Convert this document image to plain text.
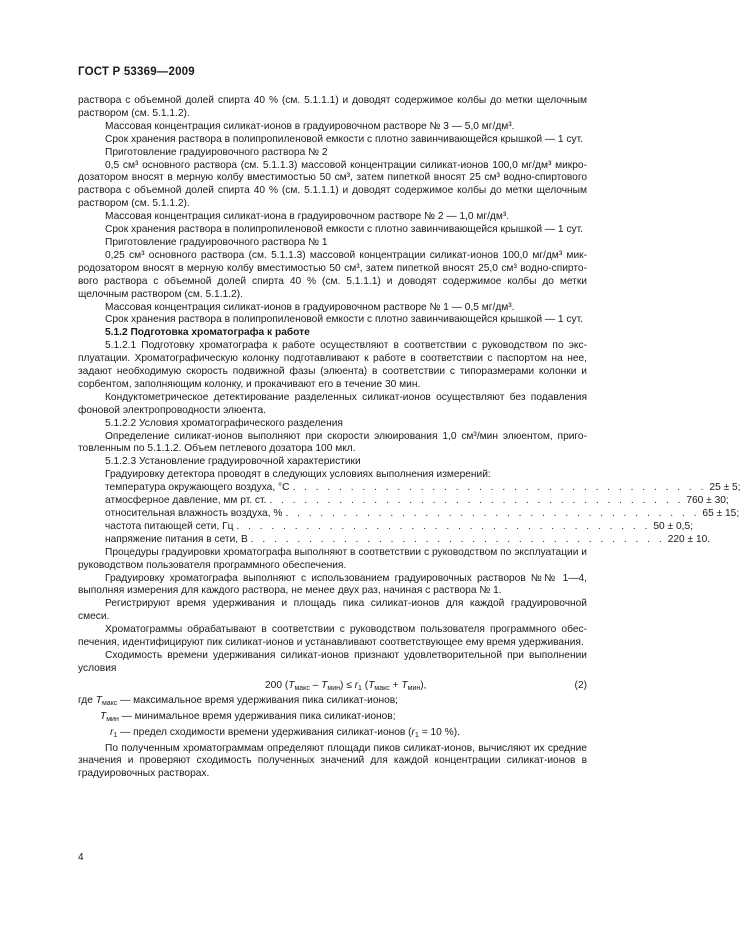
ГОСТ Р 53369—2009

раствора с объемной долей спирта 40 % (см. 5.1.1.1) и доводят содержимое колбы до метки щелочным раствором (см. 5.1.1.2).

Массовая концентрация силикат-ионов в градуировочном растворе № 3 — 5,0 мг/дм³.

Срок хранения раствора в полипропиленовой емкости с плотно завинчивающейся крышкой — 1 сут.

Приготовление градуировочного раствора № 2

0,5 см³ основного раствора (см. 5.1.1.3) массовой концентрации силикат-ионов 100,0 мг/дм³ микродозатором вносят в мерную колбу вместимостью 50 см³, затем пипеткой вносят 25 см³ водно-спиртового раствора с объемной долей спирта 40 % (см. 5.1.1.1) и доводят содержимое колбы до метки щелочным раствором (см. 5.1.1.2).

Массовая концентрация силикат-иона в градуировочном растворе № 2 — 1,0 мг/дм³.

Срок хранения раствора в полипропиленовой емкости с плотно завинчивающейся крышкой — 1 сут.

Приготовление градуировочного раствора № 1

0,25 см³ основного раствора (см. 5.1.1.3) массовой концентрации силикат-ионов 100,0 мг/дм³ микродозатором вносят в мерную колбу вместимостью 50 см³, затем пипеткой вносят 25,0 см³ водно-спиртового раствора с объемной долей спирта 40 % (см. 5.1.1.1) и доводят содержимое колбы до метки щелочным раствором (см. 5.1.1.2).

Массовая концентрация силикат-ионов в градуировочном растворе № 1 — 0,5 мг/дм³.

Срок хранения раствора в полипропиленовой емкости с плотно завинчивающейся крышкой — 1 сут.

5.1.2 Подготовка хроматографа к работе

5.1.2.1 Подготовку хроматографа к работе осуществляют в соответствии с руководством по эксплуатации. Хроматографическую колонку подготавливают к работе в соответствии с паспортом на нее, задают необходимую скорость подвижной фазы (элюента) в соответствии с типоразмерами колонки и сорбентом, заполняющим колонку, и прокачивают его в течение 30 мин.

Кондуктометрическое детектирование разделенных силикат-ионов осуществляют без подавления фоновой электропроводности элюента.

5.1.2.2 Условия хроматографического разделения

Определение силикат-ионов выполняют при скорости элюирования 1,0 см³/мин элюентом, приготовленным по 5.1.1.2. Объем петлевого дозатора 100 мкл.

5.1.2.3 Установление градуировочной характеристики

Градуировку детектора проводят в следующих условиях выполнения измерений:

температура окружающего воздуха, °С . . . . . . . . . . . . . . . . . . . . . . . . . . . . . . . . . . . . 25 ± 5;
атмосферное давление, мм рт. ст. . . . . . . . . . . . . . . . . . . . . . . . . . . . . . . . . . . . . 760 ± 30;
относительная влажность воздуха, % . . . . . . . . . . . . . . . . . . . . . . . . . . . . . . . . . . . . 65 ± 15;
частота питающей сети, Гц . . . . . . . . . . . . . . . . . . . . . . . . . . . . . . . . . . . . 50 ± 0,5;
напряжение питания в сети, В . . . . . . . . . . . . . . . . . . . . . . . . . . . . . . . . . . . . 220 ± 10.

Процедуры градуировки хроматографа выполняют в соответствии с руководством по эксплуатации и руководством пользователя программного обеспечения.

Градуировку хроматографа выполняют с использованием градуировочных растворов №№ 1—4, выполняя измерения для каждого раствора, не менее двух раз, начиная с раствора № 1.

Регистрируют время удерживания и площадь пика силикат-ионов для каждой градуировочной смеси.

Хроматограммы обрабатывают в соответствии с руководством пользователя программного обеспечения, идентифицируют пик силикат-ионов и устанавливают соответствующее ему время удерживания.

Сходимость времени удерживания силикат-ионов признают удовлетворительной при выполнении условия

200 $(T_{макс} - T_{мин}) \le r_1$ $(T_{макс} + T_{мин})$,	(2)
где $T_{макс}$ — максимальное время удерживания пика силикат-ионов;
$T_{мин}$ — минимальное время удерживания пика силикат-ионов;
$r_1$ — предел сходимости времени удерживания силикат-ионов ($r_1 = 10$ %).

По полученным хроматограммам определяют площади пиков силикат-ионов, вычисляют их средние значения и проверяют сходимость полученных значений для каждой концентрации силикат-ионов в градуировочных растворах.

4
